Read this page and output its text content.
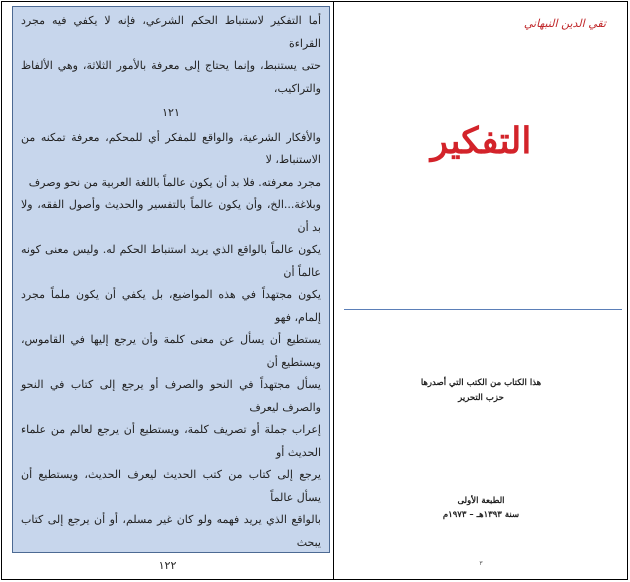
أما التفكير لاستنباط الحكم الشرعي، فإنه لا يكفي فيه مجرد القراءة

حتى يستنبط، وإنما يحتاج إلى معرفة بالأمور الثلاثة، وهي الألفاظ والتراكيب،

١٢١

والأفكار الشرعية، والواقع للمفكر أي للمحكم، معرفة تمكنه من الاستنباط، لا

مجرد معرفته. فلا بد أن يكون عالماً باللغة العربية من نحو وصرف

وبلاغة...الخ، وأن يكون عالماً بالتفسير والحديث وأصول الفقه، ولا بد أن

يكون عالماً بالواقع الذي يريد استنباط الحكم له. وليس معنى كونه عالماً أن

يكون مجتهداً في هذه المواضيع، بل يكفي أن يكون ملماً مجرد إلمام، فهو

يستطيع أن يسأل عن معنى كلمة وأن يرجع إليها في القاموس، ويستطيع أن

يسأل مجتهداً في النحو والصرف أو يرجع إلى كتاب في النحو والصرف ليعرف

إعراب جملة أو تصريف كلمة، ويستطيع أن يرجع لعالم من علماء الحديث أو

يرجع إلى كتاب من كتب الحديث ليعرف الحديث، ويستطيع أن يسأل عالماً

بالواقع الذي يريد فهمه ولو كان غير مسلم، أو أن يرجع إلى كتاب يبحث

١٢٢
تقي الدين النبهاني
التفكير
هذا الكتاب من الكتب التي أصدرها
حزب التحرير
الطبعة الأولى
سنة ١٣٩٣هـ – ١٩٧٣م
٣
